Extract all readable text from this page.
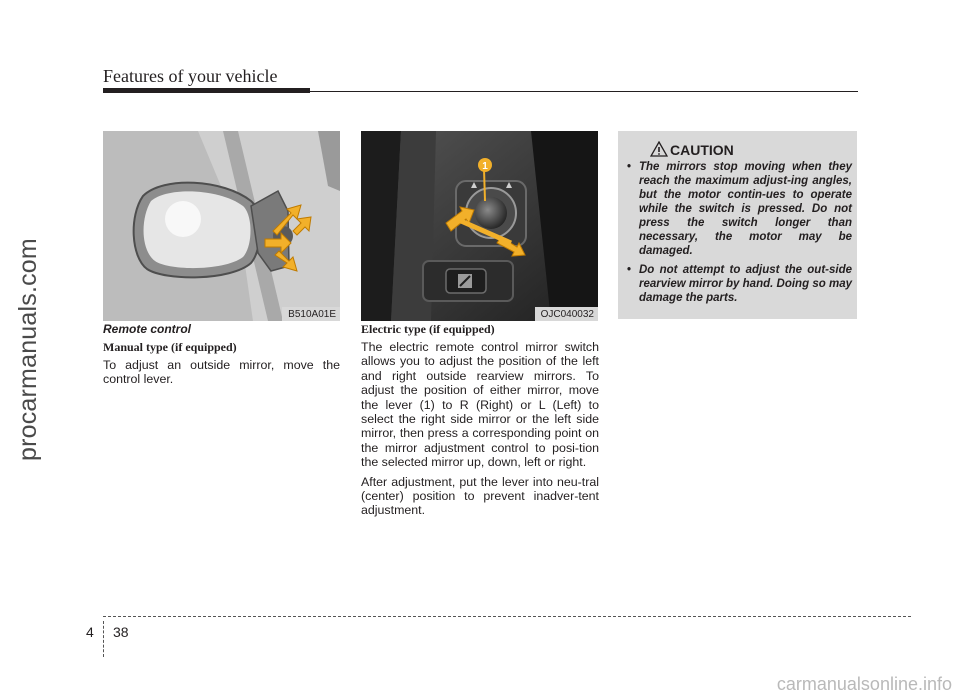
procarmanuals.com
Features of your vehicle
B510A01E
1
OJC040032
CAUTION
• The mirrors stop moving when they reach the maximum adjust-ing angles, but the motor contin-ues to operate while the switch is pressed. Do not press the switch longer than necessary, the motor may be damaged.
• Do not attempt to adjust the out-side rearview mirror by hand. Doing so may damage the parts.

Remote control

Manual type (if equipped)

To adjust an outside mirror, move the control lever.

Electric type (if equipped)

The electric remote control mirror switch allows you to adjust the position of the left and right outside rearview mirrors. To adjust the position of either mirror, move the lever (1) to R (Right) or L (Left) to select the right side mirror or the left side mirror, then press a corresponding point on the mirror adjustment control to posi-tion the selected mirror up, down, left or right.

After adjustment, put the lever into neu-tral (center) position to prevent inadver-tent adjustment.

4 38
carmanualsonline.info
